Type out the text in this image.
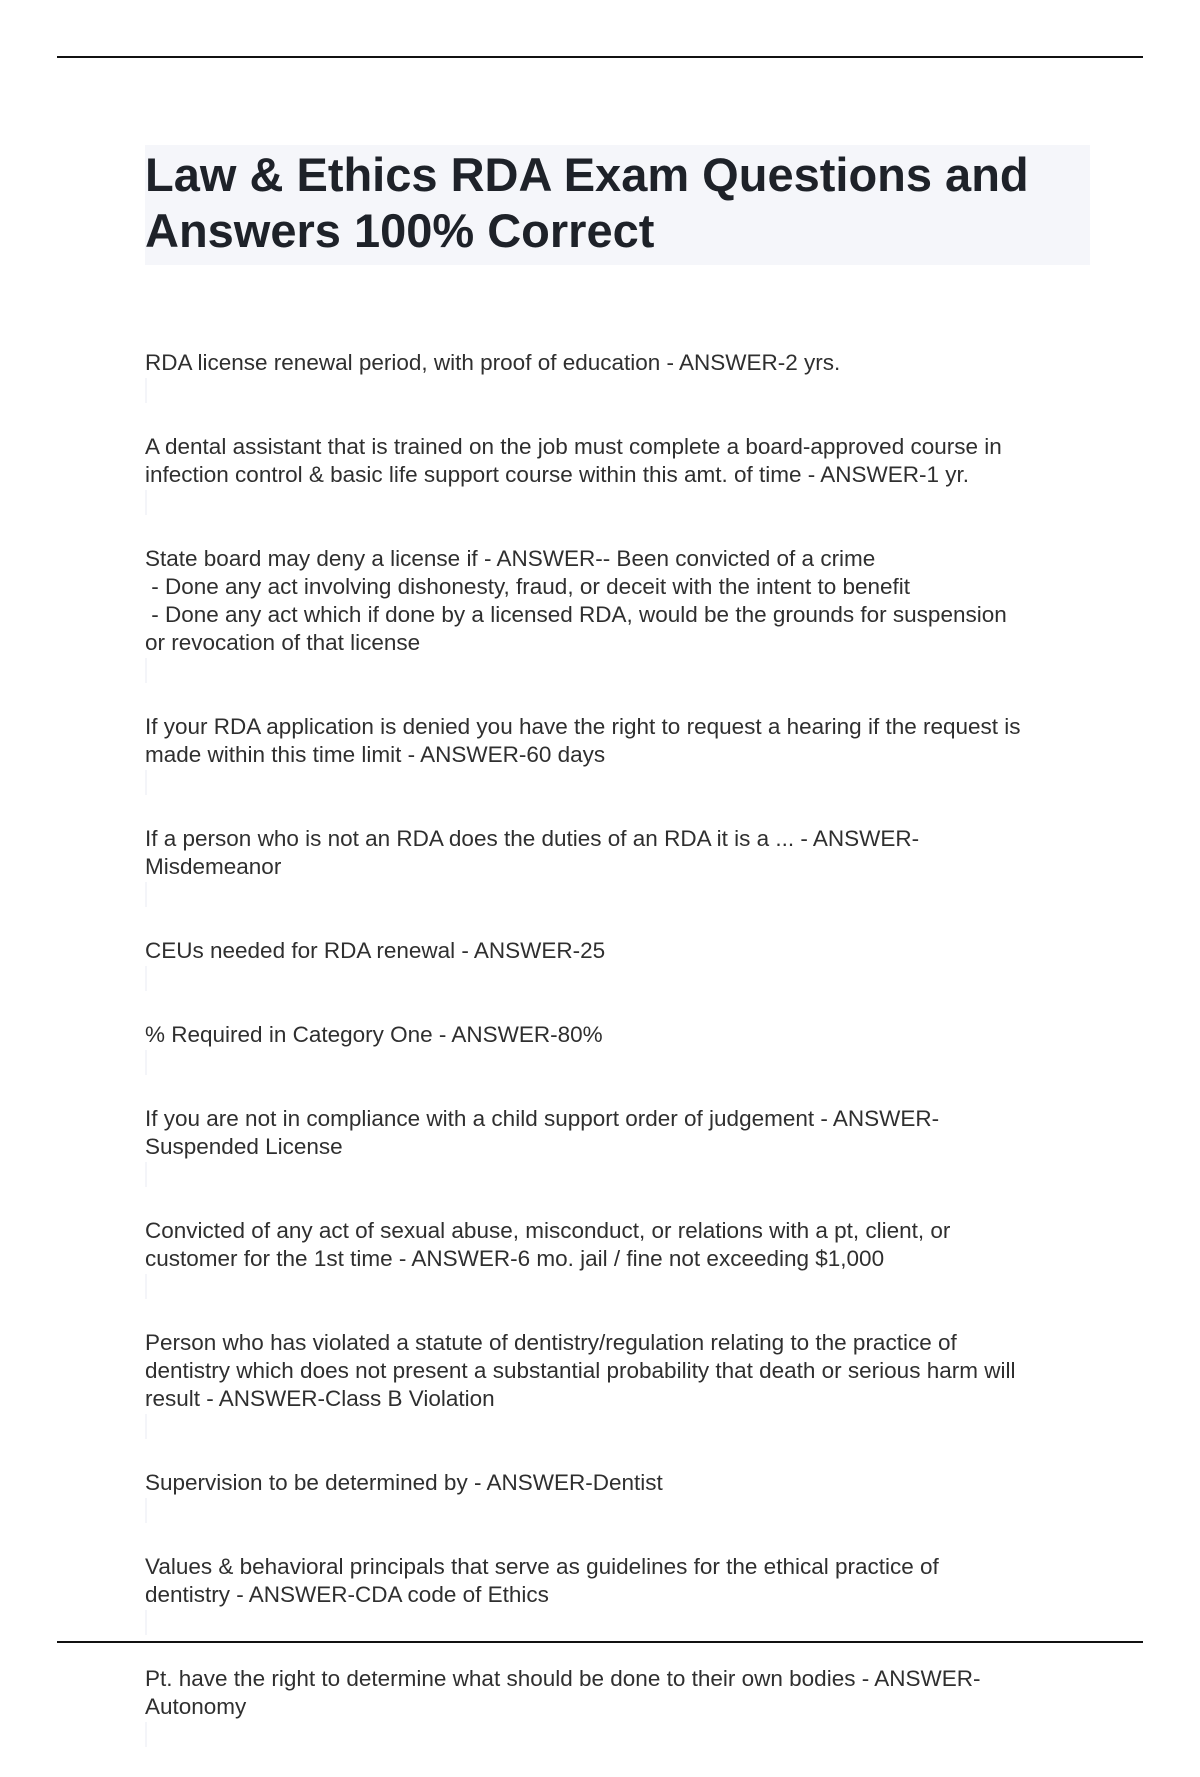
Law & Ethics RDA Exam Questions and
Answers 100% Correct

RDA license renewal period, with proof of education - ANSWER-2 yrs.

A dental assistant that is trained on the job must complete a board-approved course in
infection control & basic life support course within this amt. of time - ANSWER-1 yr.

State board may deny a license if - ANSWER-- Been convicted of a crime
- Done any act involving dishonesty, fraud, or deceit with the intent to benefit
- Done any act which if done by a licensed RDA, would be the grounds for suspension
or revocation of that license

If your RDA application is denied you have the right to request a hearing if the request is
made within this time limit - ANSWER-60 days

If a person who is not an RDA does the duties of an RDA it is a ... - ANSWER-
Misdemeanor

CEUs needed for RDA renewal - ANSWER-25

% Required in Category One - ANSWER-80%

If you are not in compliance with a child support order of judgement - ANSWER-
Suspended License

Convicted of any act of sexual abuse, misconduct, or relations with a pt, client, or
customer for the 1st time - ANSWER-6 mo. jail / fine not exceeding $1,000

Person who has violated a statute of dentistry/regulation relating to the practice of
dentistry which does not present a substantial probability that death or serious harm will
result - ANSWER-Class B Violation

Supervision to be determined by - ANSWER-Dentist

Values & behavioral principals that serve as guidelines for the ethical practice of
dentistry - ANSWER-CDA code of Ethics

Pt. have the right to determine what should be done to their own bodies - ANSWER-
Autonomy
